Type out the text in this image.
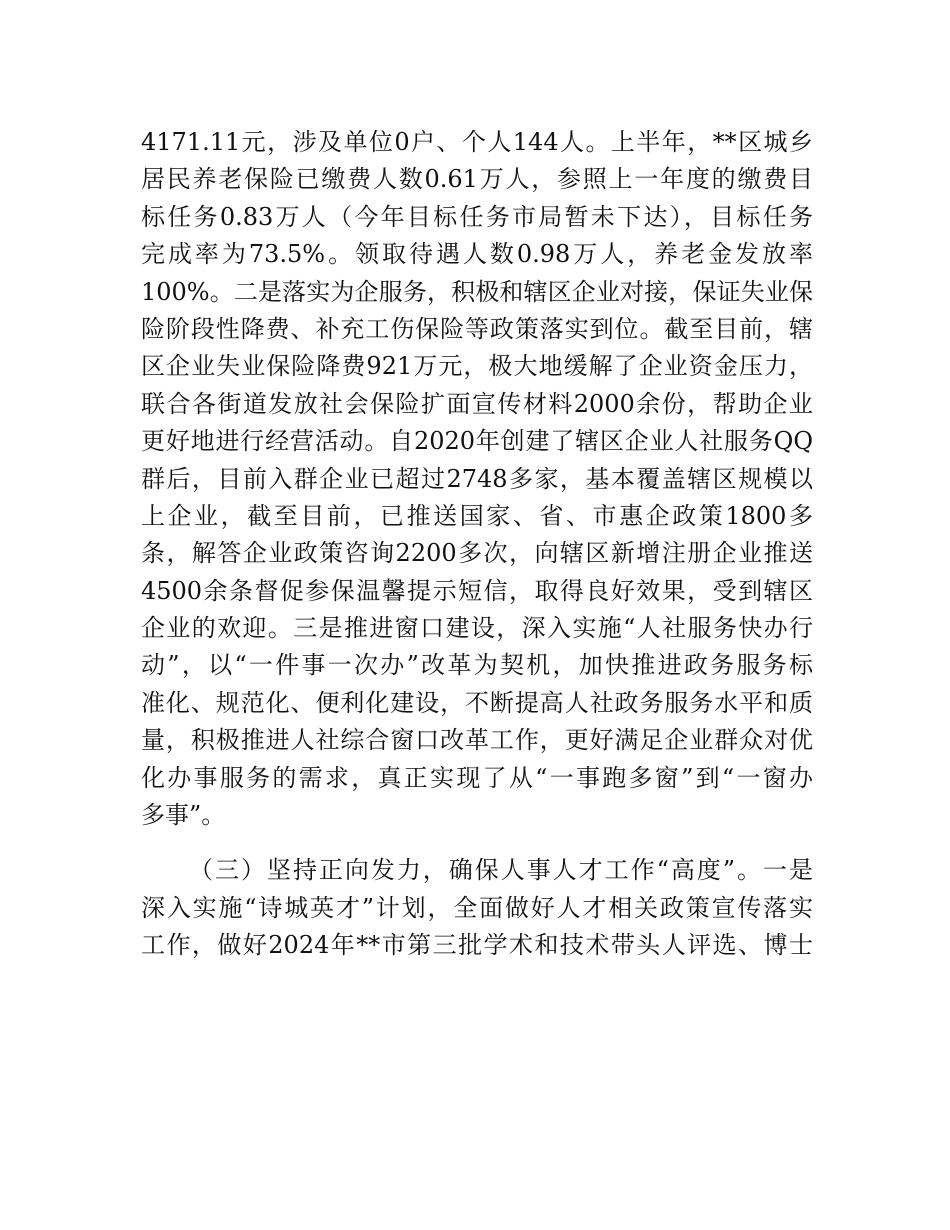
4171.11元，涉及单位0户、个人144人。上半年，**区城乡
居民养老保险已缴费人数0.61万人，参照上一年度的缴费目
标任务0.83万人（今年目标任务市局暂未下达），目标任务
完成率为73.5%。领取待遇人数0.98万人，养老金发放率
100%。二是落实为企服务，积极和辖区企业对接，保证失业保
险阶段性降费、补充工伤保险等政策落实到位。截至目前，辖
区企业失业保险降费921万元，极大地缓解了企业资金压力，
联合各街道发放社会保险扩面宣传材料2000余份，帮助企业
更好地进行经营活动。自2020年创建了辖区企业人社服务QQ
群后，目前入群企业已超过2748多家，基本覆盖辖区规模以
上企业，截至目前，已推送国家、省、市惠企政策1800多
条，解答企业政策咨询2200多次，向辖区新增注册企业推送
4500余条督促参保温馨提示短信，取得良好效果，受到辖区
企业的欢迎。三是推进窗口建设，深入实施“人社服务快办行
动”，以“一件事一次办”改革为契机，加快推进政务服务标
准化、规范化、便利化建设，不断提高人社政务服务水平和质
量，积极推进人社综合窗口改革工作，更好满足企业群众对优
化办事服务的需求，真正实现了从“一事跑多窗”到“一窗办
多事”。
（三）坚持正向发力，确保人事人才工作“高度”。一是
深入实施“诗城英才”计划，全面做好人才相关政策宣传落实
工作，做好2024年**市第三批学术和技术带头人评选、博士
